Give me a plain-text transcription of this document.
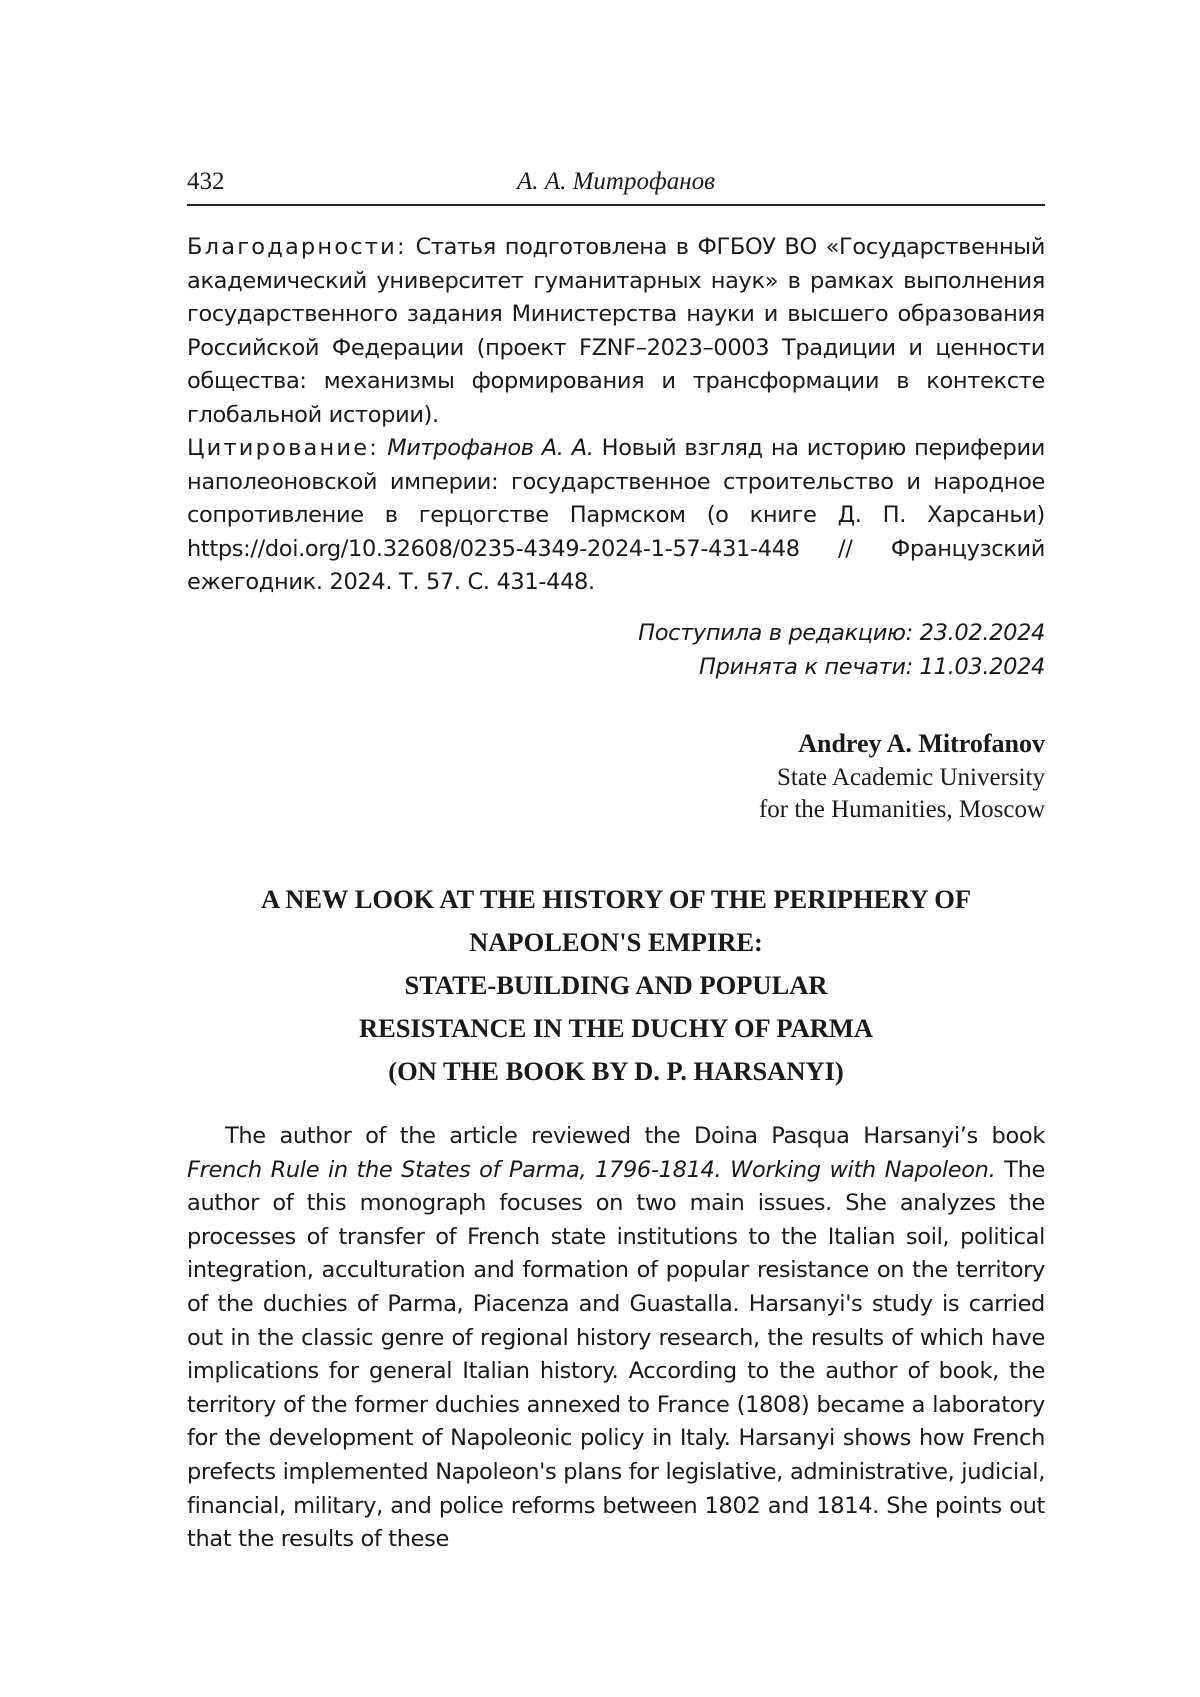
432	А. А. Митрофанов
Благодарности: Статья подготовлена в ФГБОУ ВО «Государственный академический университет гуманитарных наук» в рамках выполнения государственного задания Министерства науки и высшего образования Российской Федерации (проект FZNF–2023–0003 Традиции и ценности общества: механизмы формирования и трансформации в контексте глобальной истории).
Цитирование: Митрофанов А. А. Новый взгляд на историю периферии наполеоновской империи: государственное строительство и народное сопротивление в герцогстве Пармском (о книге Д. П. Харсаньи) https://doi.org/10.32608/0235-4349-2024-1-57-431-448 // Французский ежегодник. 2024. Т. 57. С. 431-448.
Поступила в редакцию: 23.02.2024
Принята к печати: 11.03.2024
Andrey A. Mitrofanov
State Academic University
for the Humanities, Moscow
A NEW LOOK AT THE HISTORY OF THE PERIPHERY OF
NAPOLEON'S EMPIRE:
STATE-BUILDING AND POPULAR
RESISTANCE IN THE DUCHY OF PARMA
(ON THE BOOK BY D. P. HARSANYI)
The author of the article reviewed the Doina Pasqua Harsanyi’s book French Rule in the States of Parma, 1796-1814. Working with Napoleon. The author of this monograph focuses on two main issues. She analyzes the processes of transfer of French state institutions to the Italian soil, political integration, acculturation and formation of popular resistance on the territory of the duchies of Parma, Piacenza and Guastalla. Harsanyi's study is carried out in the classic genre of regional history research, the results of which have implications for general Italian history. According to the author of book, the territory of the former duchies annexed to France (1808) became a laboratory for the development of Napoleonic policy in Italy. Harsanyi shows how French prefects implemented Napoleon's plans for legislative, administrative, judicial, financial, military, and police reforms between 1802 and 1814. She points out that the results of these
